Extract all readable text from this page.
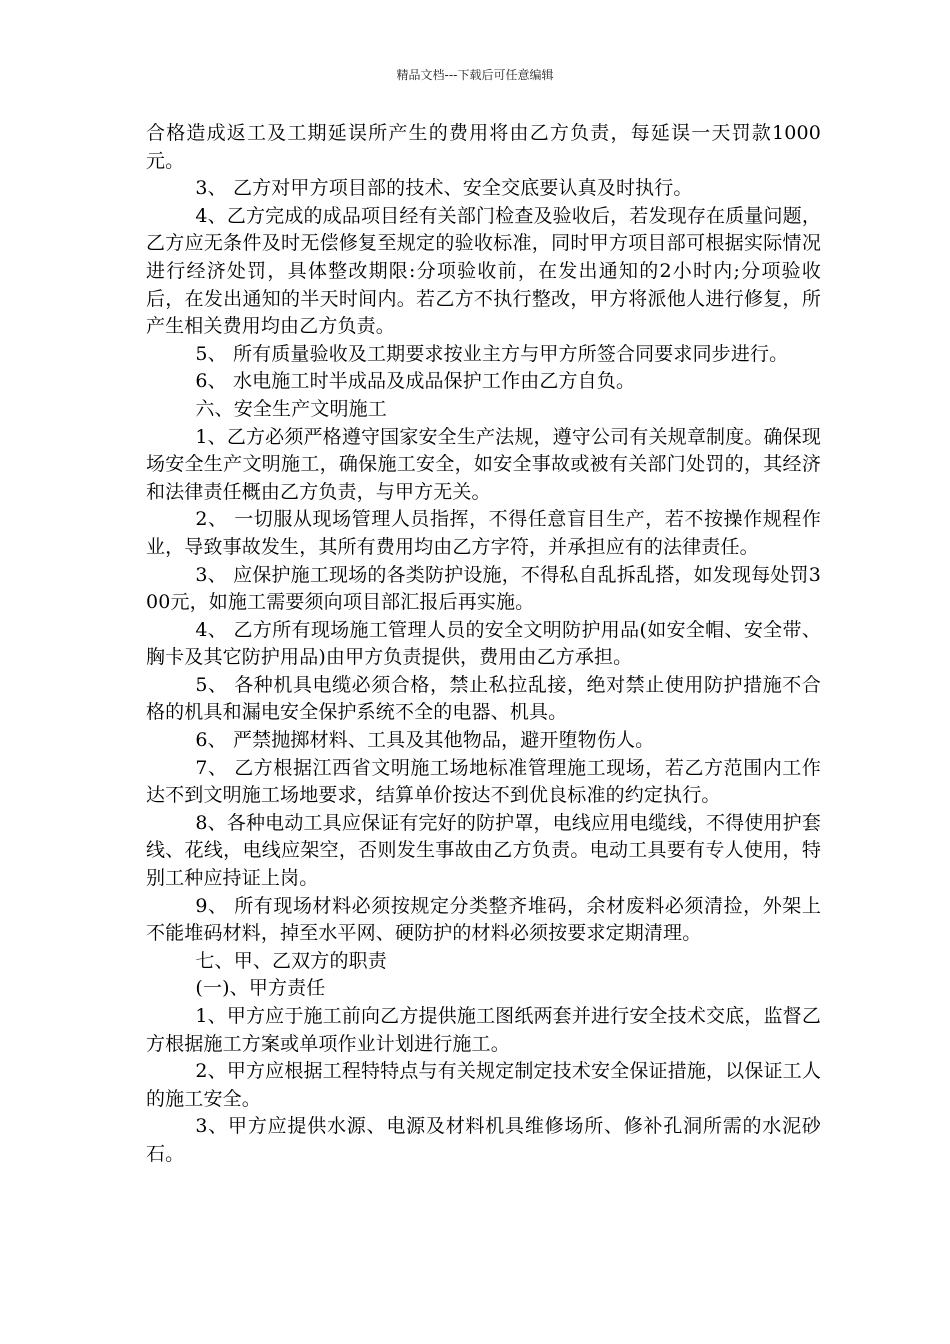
精品文档---下载后可任意编辑

合格造成返工及工期延误所产生的费用将由乙方负责，每延误一天罚款1000元。

3、 乙方对甲方项目部的技术、安全交底要认真及时执行。

4、乙方完成的成品项目经有关部门检查及验收后，若发现存在质量问题，乙方应无条件及时无偿修复至规定的验收标准，同时甲方项目部可根据实际情况进行经济处罚，具体整改期限:分项验收前，在发出通知的2小时内;分项验收后，在发出通知的半天时间内。若乙方不执行整改，甲方将派他人进行修复，所产生相关费用均由乙方负责。

5、 所有质量验收及工期要求按业主方与甲方所签合同要求同步进行。

6、 水电施工时半成品及成品保护工作由乙方自负。

六、安全生产文明施工

1、乙方必须严格遵守国家安全生产法规，遵守公司有关规章制度。确保现场安全生产文明施工，确保施工安全，如安全事故或被有关部门处罚的，其经济和法律责任概由乙方负责，与甲方无关。

2、 一切服从现场管理人员指挥，不得任意盲目生产，若不按操作规程作业，导致事故发生，其所有费用均由乙方字符，并承担应有的法律责任。

3、 应保护施工现场的各类防护设施，不得私自乱拆乱搭，如发现每处罚300元，如施工需要须向项目部汇报后再实施。

4、 乙方所有现场施工管理人员的安全文明防护用品(如安全帽、安全带、胸卡及其它防护用品)由甲方负责提供，费用由乙方承担。

5、 各种机具电缆必须合格，禁止私拉乱接，绝对禁止使用防护措施不合格的机具和漏电安全保护系统不全的电器、机具。

6、 严禁抛掷材料、工具及其他物品，避开堕物伤人。

7、 乙方根据江西省文明施工场地标准管理施工现场，若乙方范围内工作达不到文明施工场地要求，结算单价按达不到优良标准的约定执行。

8、各种电动工具应保证有完好的防护罩，电线应用电缆线，不得使用护套线、花线，电线应架空，否则发生事故由乙方负责。电动工具要有专人使用，特别工种应持证上岗。

9、 所有现场材料必须按规定分类整齐堆码，余材废料必须清捡，外架上不能堆码材料，掉至水平网、硬防护的材料必须按要求定期清理。

七、甲、乙双方的职责

(一)、甲方责任

1、甲方应于施工前向乙方提供施工图纸两套并进行安全技术交底，监督乙方根据施工方案或单项作业计划进行施工。

2、甲方应根据工程特特点与有关规定制定技术安全保证措施，以保证工人的施工安全。

3、甲方应提供水源、电源及材料机具维修场所、修补孔洞所需的水泥砂石。
